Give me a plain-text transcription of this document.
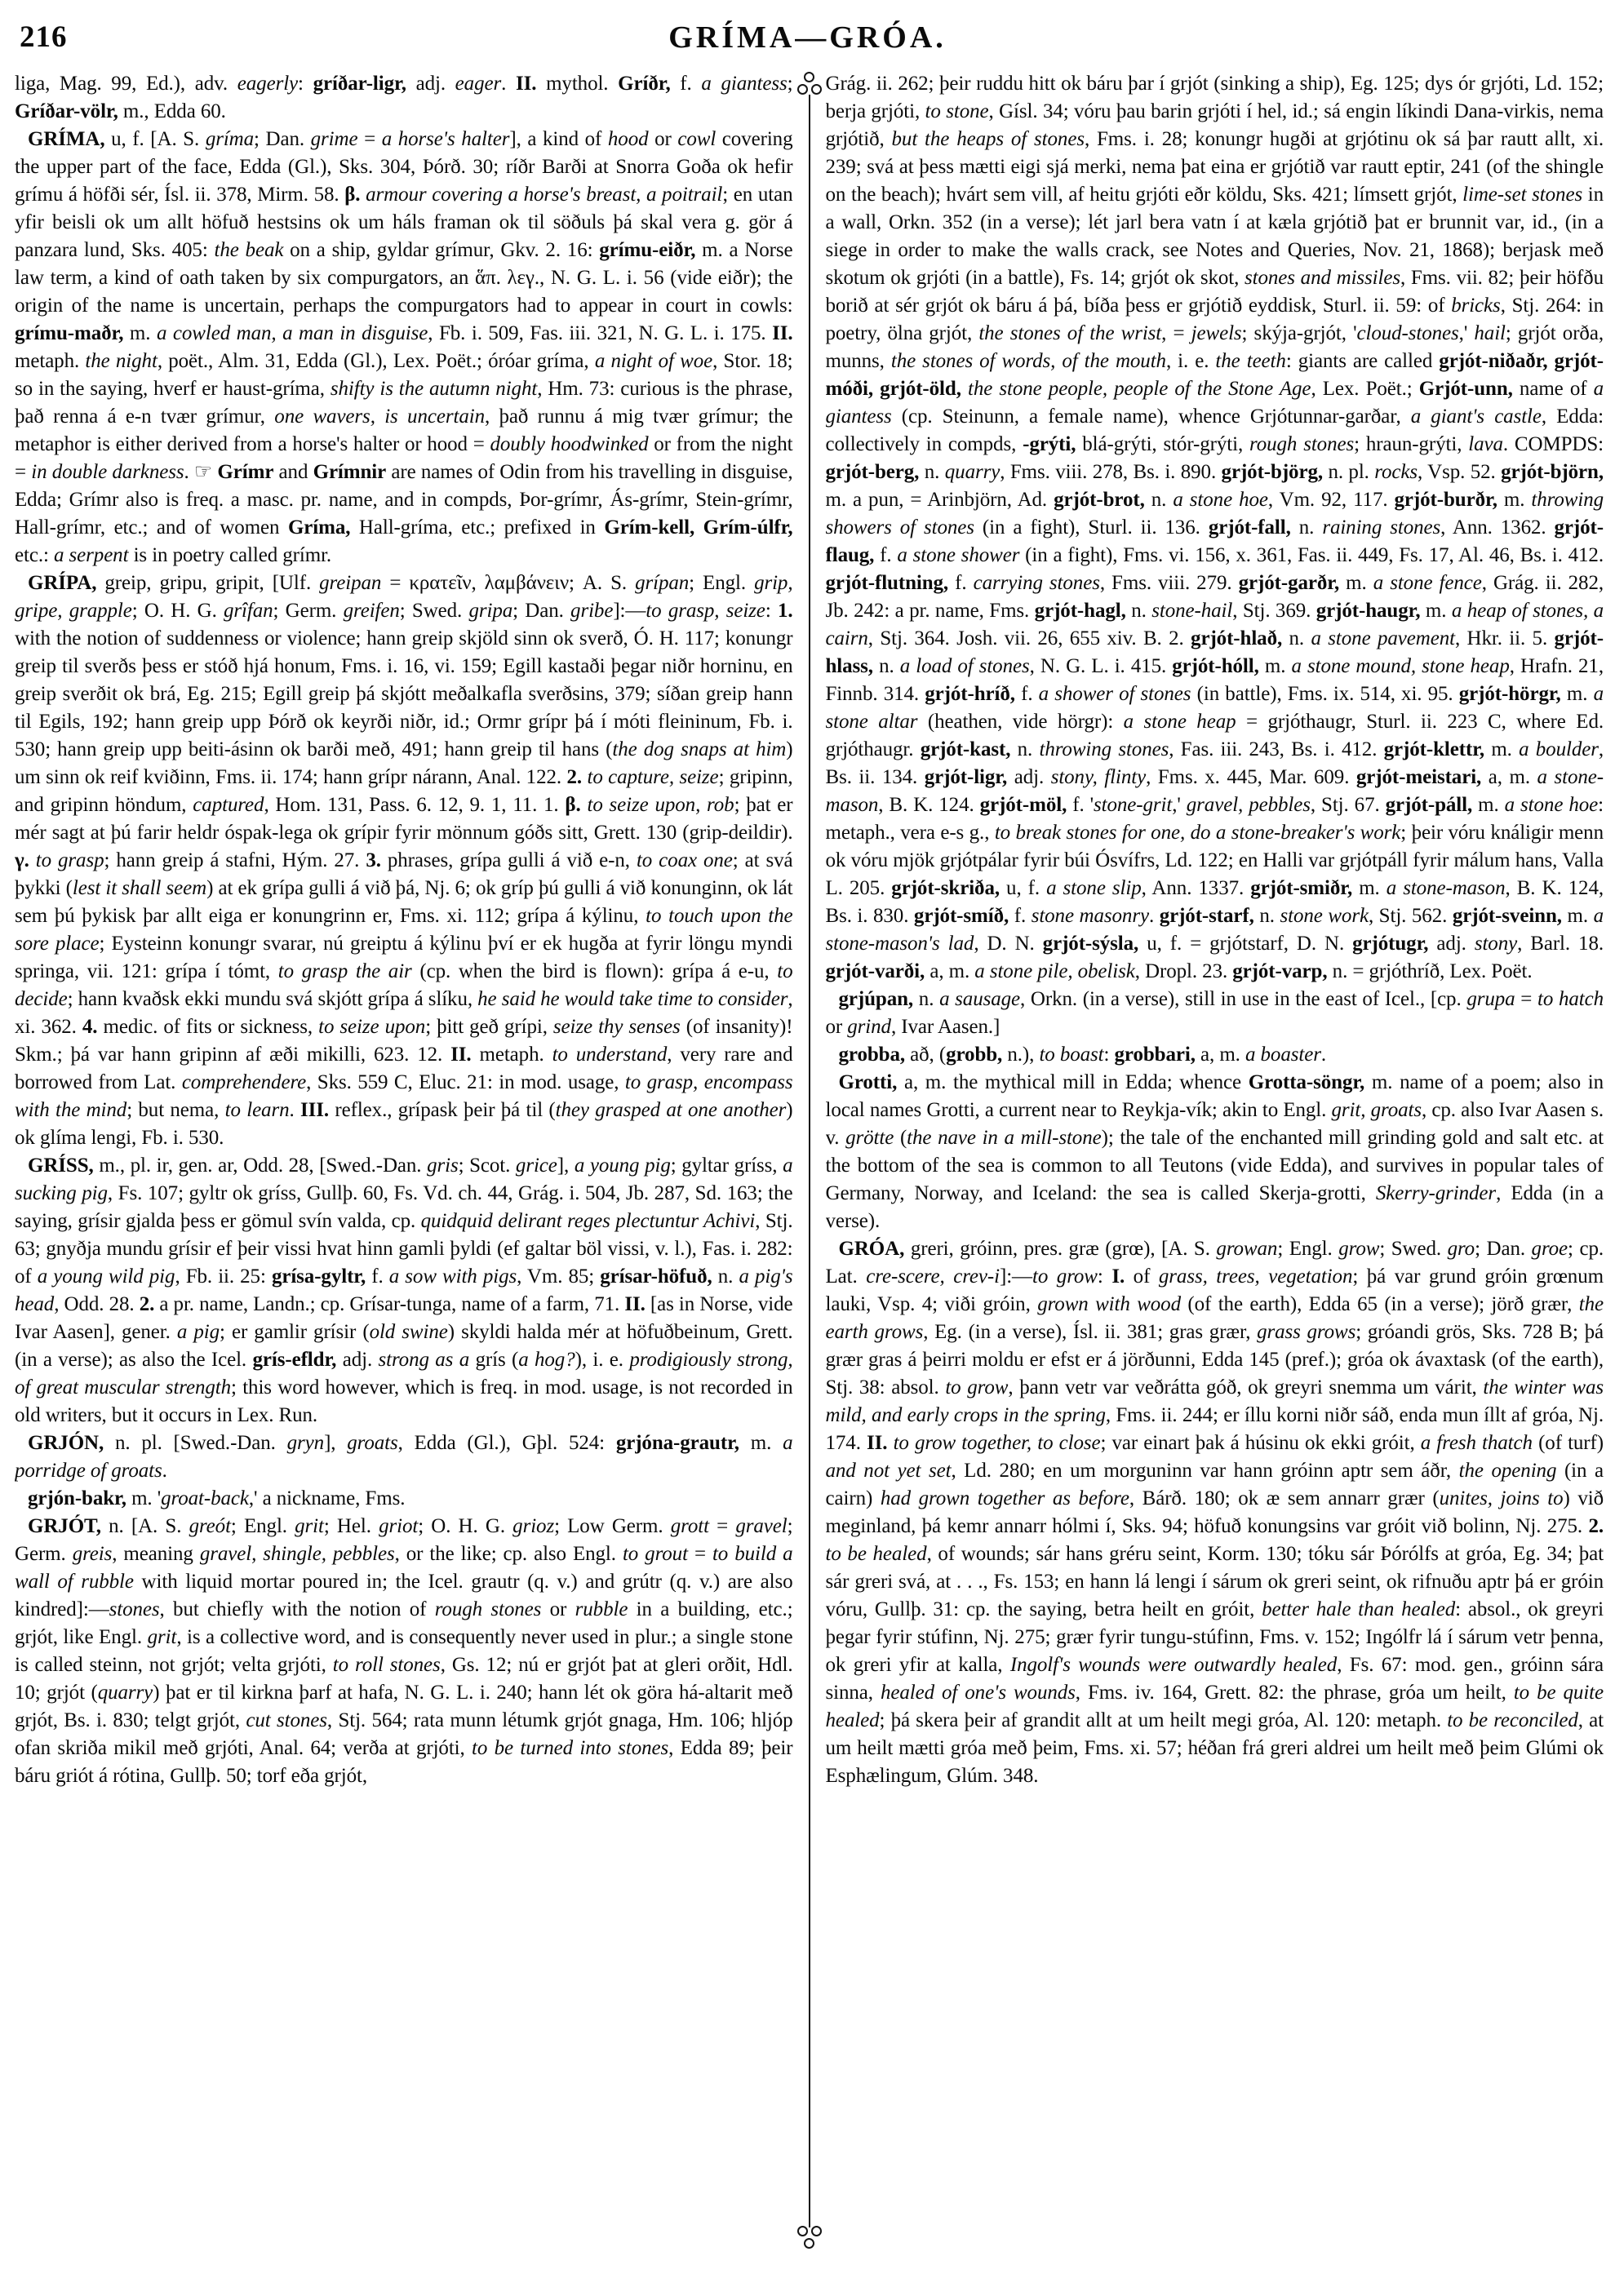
216	GRÍMA—GRÓA.

liga, Mag. 99, Ed.), adv. eagerly: gríðar-ligr, adj. eager. II. mythol. Gríðr, f. a giantess; Gríðar-völr, m., Edda 60.

GRÍMA, u, f. [A. S. gríma; Dan. grime = a horse's halter], a kind of hood or cowl covering the upper part of the face, Edda (Gl.), Sks. 304, Þórð. 30; ríðr Barði at Snorra Goða ok hefir grímu á höfði sér, Ísl. ii. 378, Mirm. 58. β. armour covering a horse's breast, a poitrail; en utan yfir beisli ok um allt höfuð hestsins ok um háls framan ok til söðuls þá skal vera g. gör á panzara lund, Sks. 405: the beak on a ship, gyldar grímur, Gkv. 2. 16: grímu-eiðr, m. a Norse law term, a kind of oath taken by six compurgators, an ἅπ. λεγ., N. G. L. i. 56 (vide eiðr); the origin of the name is uncertain, perhaps the compurgators had to appear in court in cowls: grímu-maðr, m. a cowled man, a man in disguise, Fb. i. 509, Fas. iii. 321, N. G. L. i. 175. II. metaph. the night, poët., Alm. 31, Edda (Gl.), Lex. Poët.; óróar gríma, a night of woe, Stor. 18; so in the saying, hverf er haust-gríma, shifty is the autumn night, Hm. 73: curious is the phrase, það renna á e-n tvær grímur, one wavers, is uncertain, það runnu á mig tvær grímur; the metaphor is either derived from a horse's halter or hood = doubly hoodwinked or from the night = in double darkness. ☞ Grímr and Grímnir are names of Odin from his travelling in disguise, Edda; Grímr also is freq. a masc. pr. name, and in compds, Þor-grímr, Ás-grímr, Stein-grímr, Hall-grímr, etc.; and of women Gríma, Hall-gríma, etc.; prefixed in Grím-kell, Grím-úlfr, etc.: a serpent is in poetry called grímr.

GRÍPA, greip, gripu, gripit, [Ulf. greipan = κρατεῖν, λαμβάνειν; A. S. grípan; Engl. grip, gripe, grapple; O. H. G. grîfan; Germ. greifen; Swed. gripa; Dan. gribe]:—to grasp, seize: 1. with the notion of suddenness or violence; hann greip skjöld sinn ok sverð, Ó. H. 117; konungr greip til sverðs þess er stóð hjá honum, Fms. i. 16, vi. 159; Egill kastaði þegar niðr horninu, en greip sverðit ok brá, Eg. 215; Egill greip þá skjótt meðalkafla sverðsins, 379; síðan greip hann til Egils, 192; hann greip upp Þórð ok keyrði niðr, id.; Ormr grípr þá í móti fleininum, Fb. i. 530; hann greip upp beiti-ásinn ok barði með, 491; hann greip til hans (the dog snaps at him) um sinn ok reif kviðinn, Fms. ii. 174; hann grípr nárann, Anal. 122. 2. to capture, seize; gripinn, and gripinn höndum, captured, Hom. 131, Pass. 6. 12, 9. 1, 11. 1. β. to seize upon, rob; þat er mér sagt at þú farir heldr óspak-lega ok grípir fyrir mönnum góðs sitt, Grett. 130 (grip-deildir). γ. to grasp; hann greip á stafni, Hým. 27. 3. phrases, grípa gulli á við e-n, to coax one; at svá þykki (lest it shall seem) at ek grípa gulli á við þá, Nj. 6; ok gríp þú gulli á við konunginn, ok lát sem þú þykisk þar allt eiga er konungrinn er, Fms. xi. 112; grípa á kýlinu, to touch upon the sore place; Eysteinn konungr svarar, nú greiptu á kýlinu því er ek hugða at fyrir löngu myndi springa, vii. 121: grípa í tómt, to grasp the air (cp. when the bird is flown): grípa á e-u, to decide; hann kvaðsk ekki mundu svá skjótt grípa á slíku, he said he would take time to consider, xi. 362. 4. medic. of fits or sickness, to seize upon; þitt geð grípi, seize thy senses (of insanity)! Skm.; þá var hann gripinn af æði mikilli, 623. 12. II. metaph. to understand, very rare and borrowed from Lat. comprehendere, Sks. 559 C, Eluc. 21: in mod. usage, to grasp, encompass with the mind; but nema, to learn. III. reflex., grípask þeir þá til (they grasped at one another) ok glíma lengi, Fb. i. 530.

GRÍSS, m., pl. ir, gen. ar, Odd. 28, [Swed.-Dan. gris; Scot. grice], a young pig; gyltar gríss, a sucking pig, Fs. 107; gyltr ok gríss, Gullþ. 60, Fs. Vd. ch. 44, Grág. i. 504, Jb. 287, Sd. 163; the saying, grísir gjalda þess er gömul svín valda, cp. quidquid delirant reges plectuntur Achivi, Stj. 63; gnyðja mundu grísir ef þeir vissi hvat hinn gamli þyldi (ef galtar böl vissi, v. l.), Fas. i. 282: of a young wild pig, Fb. ii. 25: grísa-gyltr, f. a sow with pigs, Vm. 85; grísar-höfuð, n. a pig's head, Odd. 28. 2. a pr. name, Landn.; cp. Grísar-tunga, name of a farm, 71. II. [as in Norse, vide Ivar Aasen], gener. a pig; er gamlir grísir (old swine) skyldi halda mér at höfuðbeinum, Grett. (in a verse); as also the Icel. grís-efldr, adj. strong as a grís (a hog?), i. e. prodigiously strong, of great muscular strength; this word however, which is freq. in mod. usage, is not recorded in old writers, but it occurs in Lex. Run.

GRJÓN, n. pl. [Swed.-Dan. gryn], groats, Edda (Gl.), Gþl. 524: grjóna-grautr, m. a porridge of groats.

grjón-bakr, m. 'groat-back,' a nickname, Fms.

GRJÓT, n. [A. S. greót; Engl. grit; Hel. griot; O. H. G. grioz; Low Germ. grott = gravel; Germ. greis, meaning gravel, shingle, pebbles, or the like; cp. also Engl. to grout = to build a wall of rubble with liquid mortar poured in; the Icel. grautr (q. v.) and grútr (q. v.) are also kindred]:—stones, but chiefly with the notion of rough stones or rubble in a building, etc.; grjót, like Engl. grit, is a collective word, and is consequently never used in plur.; a single stone is called steinn, not grjót; velta grjóti, to roll stones, Gs. 12; nú er grjót þat at gleri orðit, Hdl. 10; grjót (quarry) þat er til kirkna þarf at hafa, N. G. L. i. 240; hann lét ok göra há-altarit með grjót, Bs. i. 830; telgt grjót, cut stones, Stj. 564; rata munn létumk grjót gnaga, Hm. 106; hljóp ofan skriða mikil með grjóti, Anal. 64; verða at grjóti, to be turned into stones, Edda 89; þeir báru griót á rótina, Gullþ. 50; torf eða grjót,

Grág. ii. 262; þeir ruddu hitt ok báru þar í grjót (sinking a ship), Eg. 125; dys ór grjóti, Ld. 152; berja grjóti, to stone, Gísl. 34; vóru þau barin grjóti í hel, id.; sá engin líkindi Dana-virkis, nema grjótið, but the heaps of stones, Fms. i. 28; konungr hugði at grjótinu ok sá þar rautt allt, xi. 239; svá at þess mætti eigi sjá merki, nema þat eina er grjótið var rautt eptir, 241 (of the shingle on the beach); hvárt sem vill, af heitu grjóti eðr köldu, Sks. 421; límsett grjót, lime-set stones in a wall, Orkn. 352 (in a verse); lét jarl bera vatn í at kæla grjótið þat er brunnit var, id., (in a siege in order to make the walls crack, see Notes and Queries, Nov. 21, 1868); berjask með skotum ok grjóti (in a battle), Fs. 14; grjót ok skot, stones and missiles, Fms. vii. 82; þeir höfðu borið at sér grjót ok báru á þá, bíða þess er grjótið eyddisk, Sturl. ii. 59: of bricks, Stj. 264: in poetry, ölna grjót, the stones of the wrist, = jewels; skýja-grjót, 'cloud-stones,' hail; grjót orða, munns, the stones of words, of the mouth, i. e. the teeth: giants are called grjót-niðaðr, grjót-móði, grjót-öld, the stone people, people of the Stone Age, Lex. Poët.; Grjót-unn, name of a giantess (cp. Steinunn, a female name), whence Grjótunnar-garðar, a giant's castle, Edda: collectively in compds, -grýti, blá-grýti, stór-grýti, rough stones; hraun-grýti, lava. COMPDS: grjót-berg, n. quarry, Fms. viii. 278, Bs. i. 890. grjót-björg, n. pl. rocks, Vsp. 52. grjót-björn, m. a pun, = Arinbjörn, Ad. grjót-brot, n. a stone hoe, Vm. 92, 117. grjót-burðr, m. throwing showers of stones (in a fight), Sturl. ii. 136. grjót-fall, n. raining stones, Ann. 1362. grjót-flaug, f. a stone shower (in a fight), Fms. vi. 156, x. 361, Fas. ii. 449, Fs. 17, Al. 46, Bs. i. 412. grjót-flutning, f. carrying stones, Fms. viii. 279. grjót-garðr, m. a stone fence, Grág. ii. 282, Jb. 242: a pr. name, Fms. grjót-hagl, n. stone-hail, Stj. 369. grjót-haugr, m. a heap of stones, a cairn, Stj. 364. Josh. vii. 26, 655 xiv. B. 2. grjót-hlað, n. a stone pavement, Hkr. ii. 5. grjót-hlass, n. a load of stones, N. G. L. i. 415. grjót-hóll, m. a stone mound, stone heap, Hrafn. 21, Finnb. 314. grjót-hríð, f. a shower of stones (in battle), Fms. ix. 514, xi. 95. grjót-hörgr, m. a stone altar (heathen, vide hörgr): a stone heap = grjóthaugr, Sturl. ii. 223 C, where Ed. grjóthaugr. grjót-kast, n. throwing stones, Fas. iii. 243, Bs. i. 412. grjót-klettr, m. a boulder, Bs. ii. 134. grjót-ligr, adj. stony, flinty, Fms. x. 445, Mar. 609. grjót-meistari, a, m. a stone-mason, B. K. 124. grjót-möl, f. 'stone-grit,' gravel, pebbles, Stj. 67. grjót-páll, m. a stone hoe: metaph., vera e-s g., to break stones for one, do a stone-breaker's work; þeir vóru knáligir menn ok vóru mjök grjótpálar fyrir búi Ósvífrs, Ld. 122; en Halli var grjótpáll fyrir málum hans, Valla L. 205. grjót-skriða, u, f. a stone slip, Ann. 1337. grjót-smiðr, m. a stone-mason, B. K. 124, Bs. i. 830. grjót-smíð, f. stone masonry. grjót-starf, n. stone work, Stj. 562. grjót-sveinn, m. a stone-mason's lad, D. N. grjót-sýsla, u, f. = grjótstarf, D. N. grjótugr, adj. stony, Barl. 18. grjót-varði, a, m. a stone pile, obelisk, Dropl. 23. grjót-varp, n. = grjóthríð, Lex. Poët.

grjúpan, n. a sausage, Orkn. (in a verse), still in use in the east of Icel., [cp. grupa = to hatch or grind, Ivar Aasen.]

grobba, að, (grobb, n.), to boast: grobbari, a, m. a boaster.

Grotti, a, m. the mythical mill in Edda; whence Grotta-söngr, m. name of a poem; also in local names Grotti, a current near to Reykja-vík; akin to Engl. grit, groats, cp. also Ivar Aasen s. v. grötte (the nave in a mill-stone); the tale of the enchanted mill grinding gold and salt etc. at the bottom of the sea is common to all Teutons (vide Edda), and survives in popular tales of Germany, Norway, and Iceland: the sea is called Skerja-grotti, Skerry-grinder, Edda (in a verse).

GRÓA, greri, gróinn, pres. græ (grœ), [A. S. growan; Engl. grow; Swed. gro; Dan. groe; cp. Lat. cre-scere, crev-i]:—to grow: I. of grass, trees, vegetation; þá var grund gróin grœnum lauki, Vsp. 4; viði gróin, grown with wood (of the earth), Edda 65 (in a verse); jörð grær, the earth grows, Eg. (in a verse), Ísl. ii. 381; gras grær, grass grows; gróandi grös, Sks. 728 B; þá grær gras á þeirri moldu er efst er á jörðunni, Edda 145 (pref.); gróa ok ávaxtask (of the earth), Stj. 38: absol. to grow, þann vetr var veðrátta góð, ok greyri snemma um várit, the winter was mild, and early crops in the spring, Fms. ii. 244; er íllu korni niðr sáð, enda mun íllt af gróa, Nj. 174. II. to grow together, to close; var einart þak á húsinu ok ekki gróit, a fresh thatch (of turf) and not yet set, Ld. 280; en um morguninn var hann gróinn aptr sem áðr, the opening (in a cairn) had grown together as before, Bárð. 180; ok æ sem annarr grær (unites, joins to) við meginland, þá kemr annarr hólmi í, Sks. 94; höfuð konungsins var gróit við bolinn, Nj. 275. 2. to be healed, of wounds; sár hans gréru seint, Korm. 130; tóku sár Þórólfs at gróa, Eg. 34; þat sár greri svá, at . . ., Fs. 153; en hann lá lengi í sárum ok greri seint, ok rifnuðu aptr þá er gróin vóru, Gullþ. 31: cp. the saying, betra heilt en gróit, better hale than healed: absol., ok greyri þegar fyrir stúfinn, Nj. 275; grær fyrir tungu-stúfinn, Fms. v. 152; Ingólfr lá í sárum vetr þenna, ok greri yfir at kalla, Ingolf's wounds were outwardly healed, Fs. 67: mod. gen., gróinn sára sinna, healed of one's wounds, Fms. iv. 164, Grett. 82: the phrase, gróa um heilt, to be quite healed; þá skera þeir af grandit allt at um heilt megi gróa, Al. 120: metaph. to be reconciled, at um heilt mætti gróa með þeim, Fms. xi. 57; héðan frá greri aldrei um heilt með þeim Glúmi ok Esphælingum, Glúm. 348.
